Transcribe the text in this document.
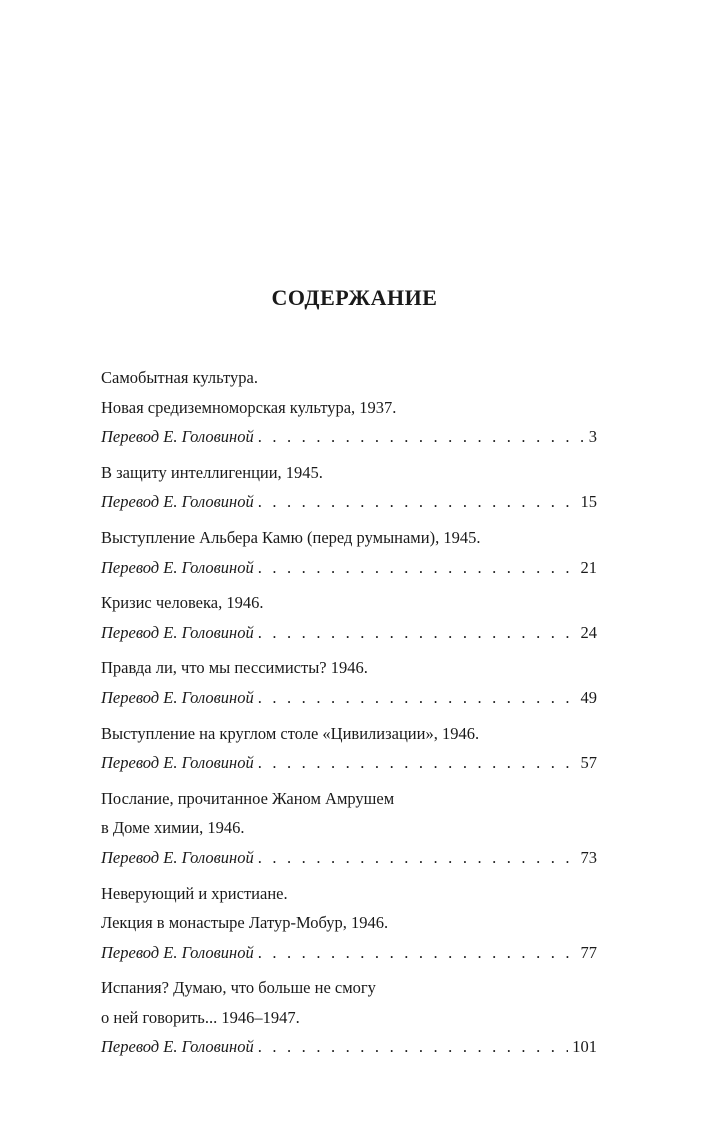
СОДЕРЖАНИЕ
Самобытная культура.
Новая средиземноморская культура, 1937.
Перевод Е. Головиной . . .	3
В защиту интеллигенции, 1945.
Перевод Е. Головиной . . .	15
Выступление Альбера Камю (перед румынами), 1945.
Перевод Е. Головиной . . .	21
Кризис человека, 1946.
Перевод Е. Головиной . . .	24
Правда ли, что мы пессимисты? 1946.
Перевод Е. Головиной . . .	49
Выступление на круглом столе «Цивилизации», 1946.
Перевод Е. Головиной . . .	57
Послание, прочитанное Жаном Амрушем
в Доме химии, 1946.
Перевод Е. Головиной . . .	73
Неверующий и христиане.
Лекция в монастыре Латур-Мобур, 1946.
Перевод Е. Головиной . . .	77
Испания? Думаю, что больше не смогу
о ней говорить... 1946–1947.
Перевод Е. Головиной . . .	101
